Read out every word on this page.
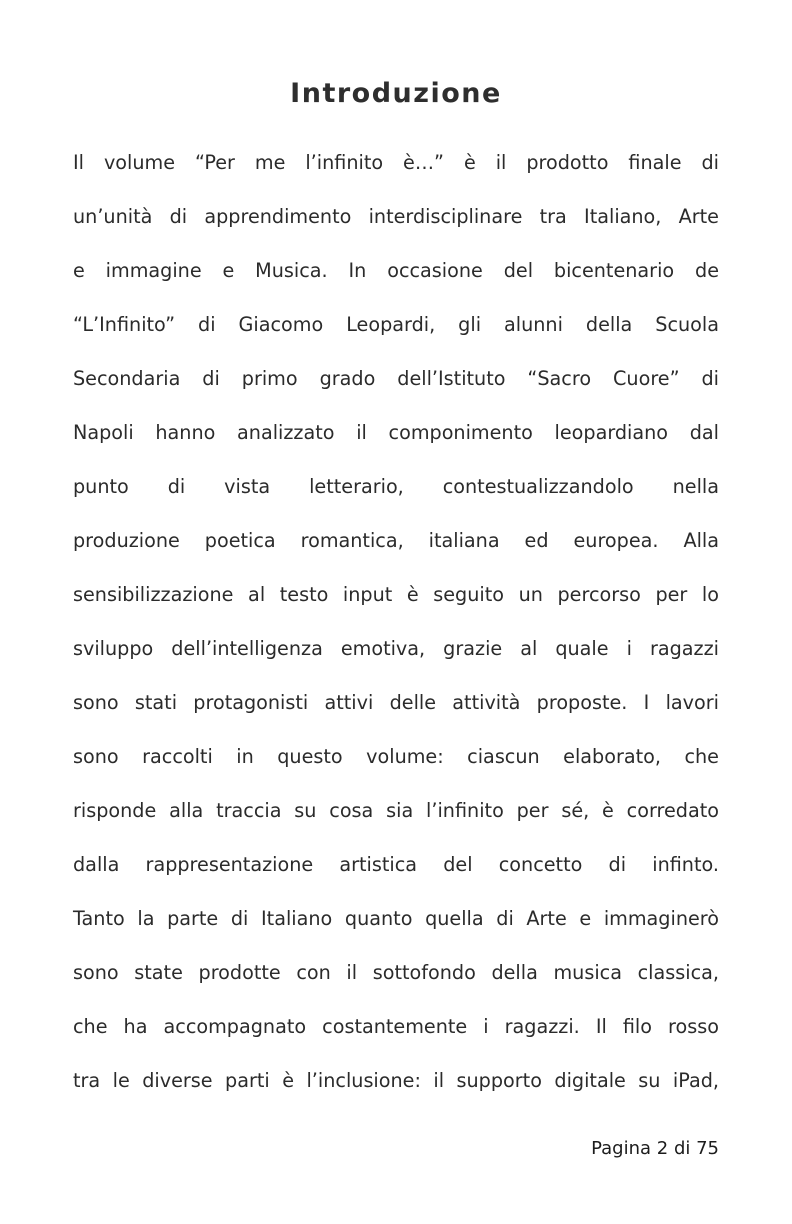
Introduzione
Il volume “Per me l’infinito è…” è il prodotto finale di
un’unità di apprendimento interdisciplinare tra Italiano, Arte
e immagine e Musica. In occasione del bicentenario de
“L’Infinito” di Giacomo Leopardi, gli alunni della Scuola
Secondaria di primo grado dell’Istituto “Sacro Cuore” di
Napoli hanno analizzato il componimento leopardiano dal
punto di vista letterario, contestualizzandolo nella
produzione poetica romantica, italiana ed europea. Alla
sensibilizzazione al testo input è seguito un percorso per lo
sviluppo dell’intelligenza emotiva, grazie al quale i ragazzi
sono stati protagonisti attivi delle attività proposte. I lavori
sono raccolti in questo volume: ciascun elaborato, che
risponde alla traccia su cosa sia l’infinito per sé, è corredato
dalla rappresentazione artistica del concetto di infinto.
Tanto la parte di Italiano quanto quella di Arte e immaginerò
sono state prodotte con il sottofondo della musica classica,
che ha accompagnato costantemente i ragazzi. Il filo rosso
tra le diverse parti è l’inclusione: il supporto digitale su iPad,
Pagina 2 di 75
